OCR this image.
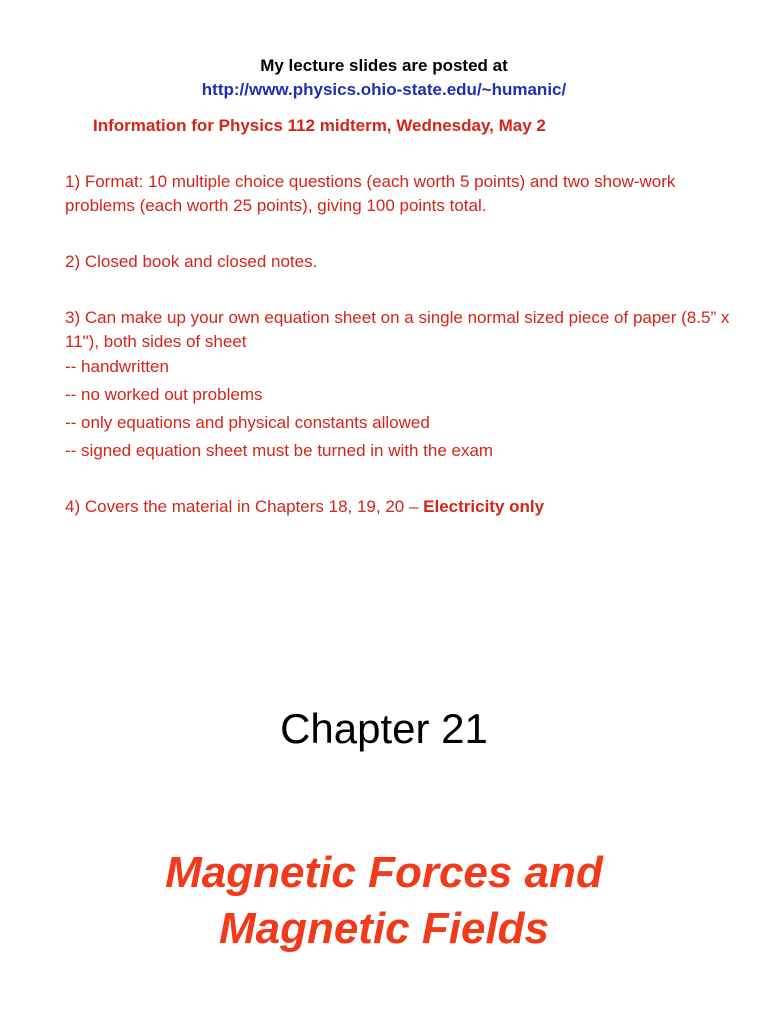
My lecture slides are posted at
http://www.physics.ohio-state.edu/~humanic/
Information for Physics 112 midterm, Wednesday, May 2
1) Format: 10 multiple choice questions (each worth 5 points) and two show-work problems (each worth 25 points), giving 100 points total.
2) Closed book and closed notes.
3) Can make up your own equation sheet on a single normal sized piece of paper (8.5” x 11"), both sides of sheet
-- handwritten
-- no worked out problems
-- only equations and physical constants allowed
-- signed equation sheet must be turned in with the exam
4) Covers the material in Chapters 18, 19, 20 – Electricity only
Chapter 21
Magnetic Forces and
Magnetic Fields
